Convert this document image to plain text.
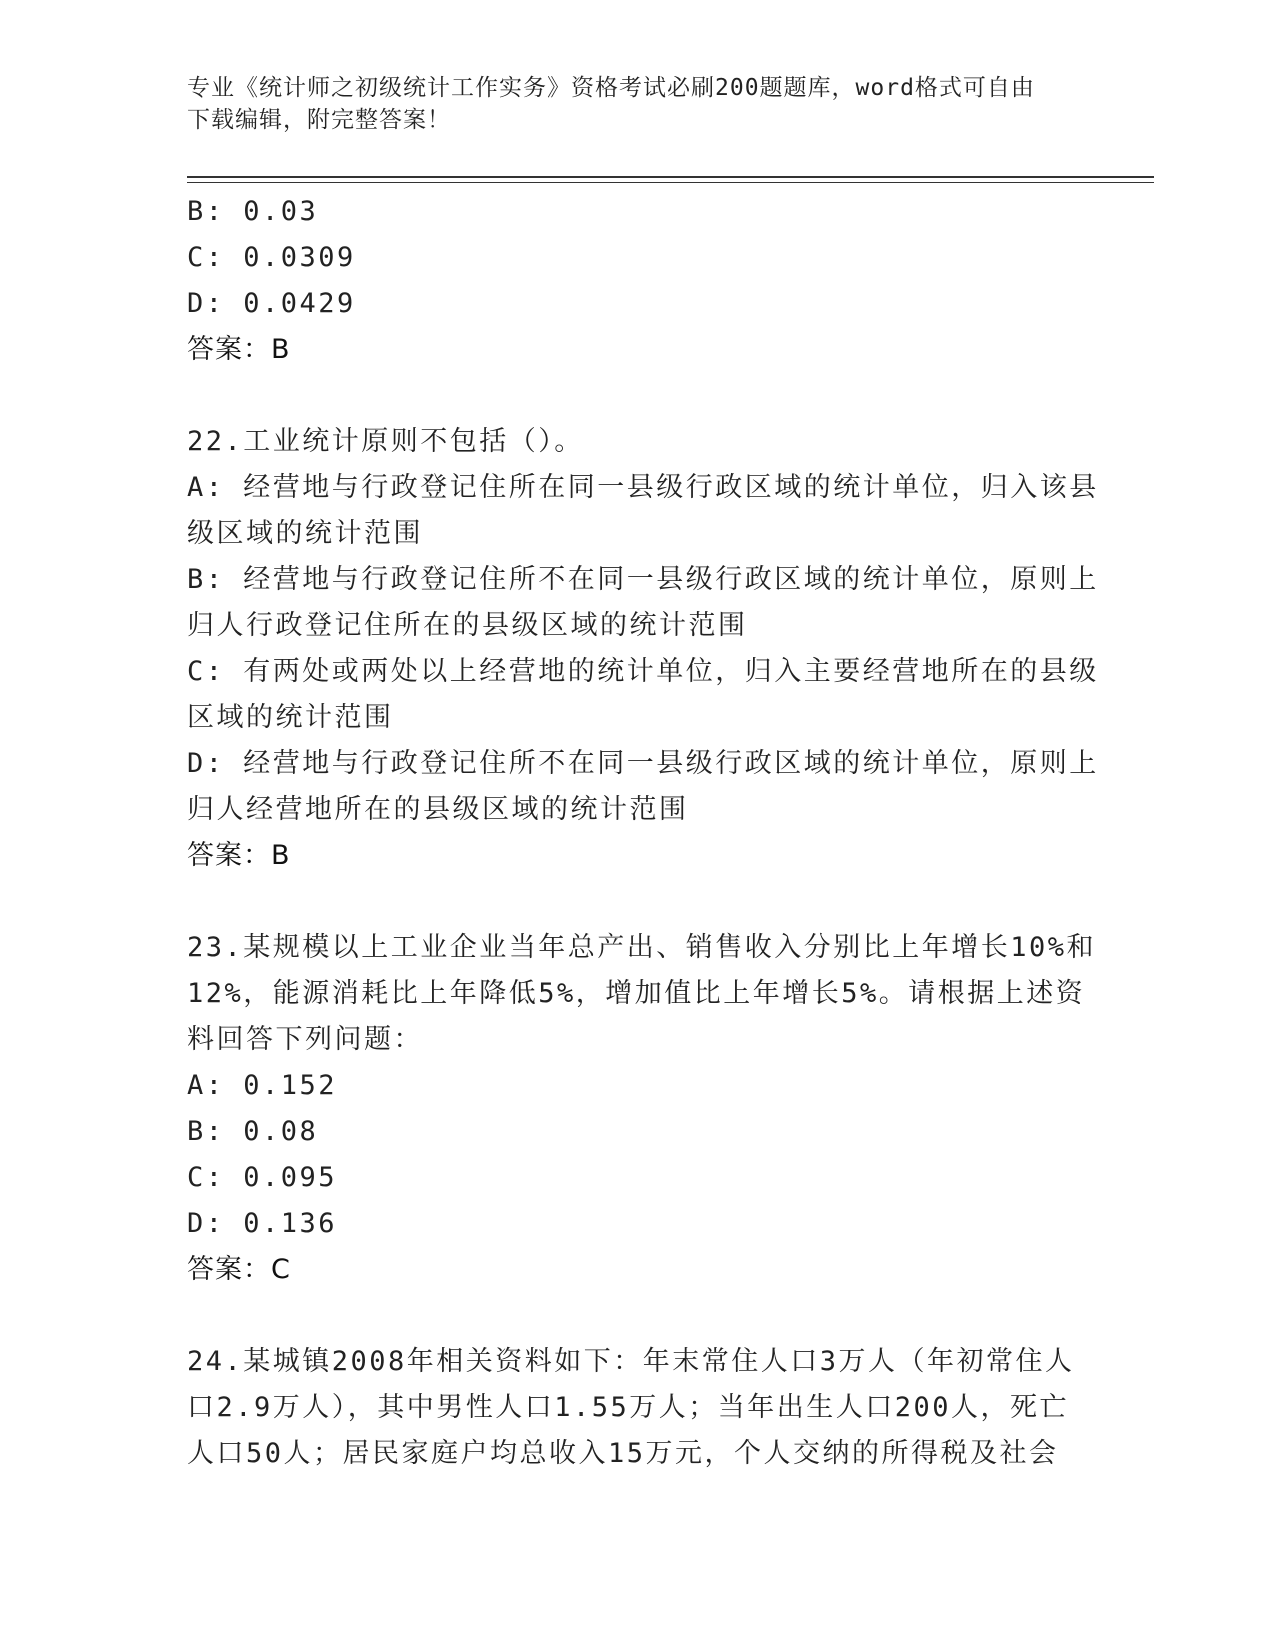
专业《统计师之初级统计工作实务》资格考试必刷200题题库，word格式可自由
下载编辑，附完整答案！
B: 0.03
C: 0.0309
D: 0.0429
答案：B
22.工业统计原则不包括（）。
A: 经营地与行政登记住所在同一县级行政区域的统计单位，归入该县
级区域的统计范围
B: 经营地与行政登记住所不在同一县级行政区域的统计单位，原则上
归人行政登记住所在的县级区域的统计范围
C: 有两处或两处以上经营地的统计单位，归入主要经营地所在的县级
区域的统计范围
D: 经营地与行政登记住所不在同一县级行政区域的统计单位，原则上
归人经营地所在的县级区域的统计范围
答案：B
23.某规模以上工业企业当年总产出、销售收入分别比上年增长10%和
12%，能源消耗比上年降低5%，增加值比上年增长5%。请根据上述资
料回答下列问题：
A: 0.152
B: 0.08
C: 0.095
D: 0.136
答案：C
24.某城镇2008年相关资料如下：年末常住人口3万人（年初常住人
口2.9万人），其中男性人口1.55万人；当年出生人口200人，死亡
人口50人；居民家庭户均总收入15万元，个人交纳的所得税及社会
